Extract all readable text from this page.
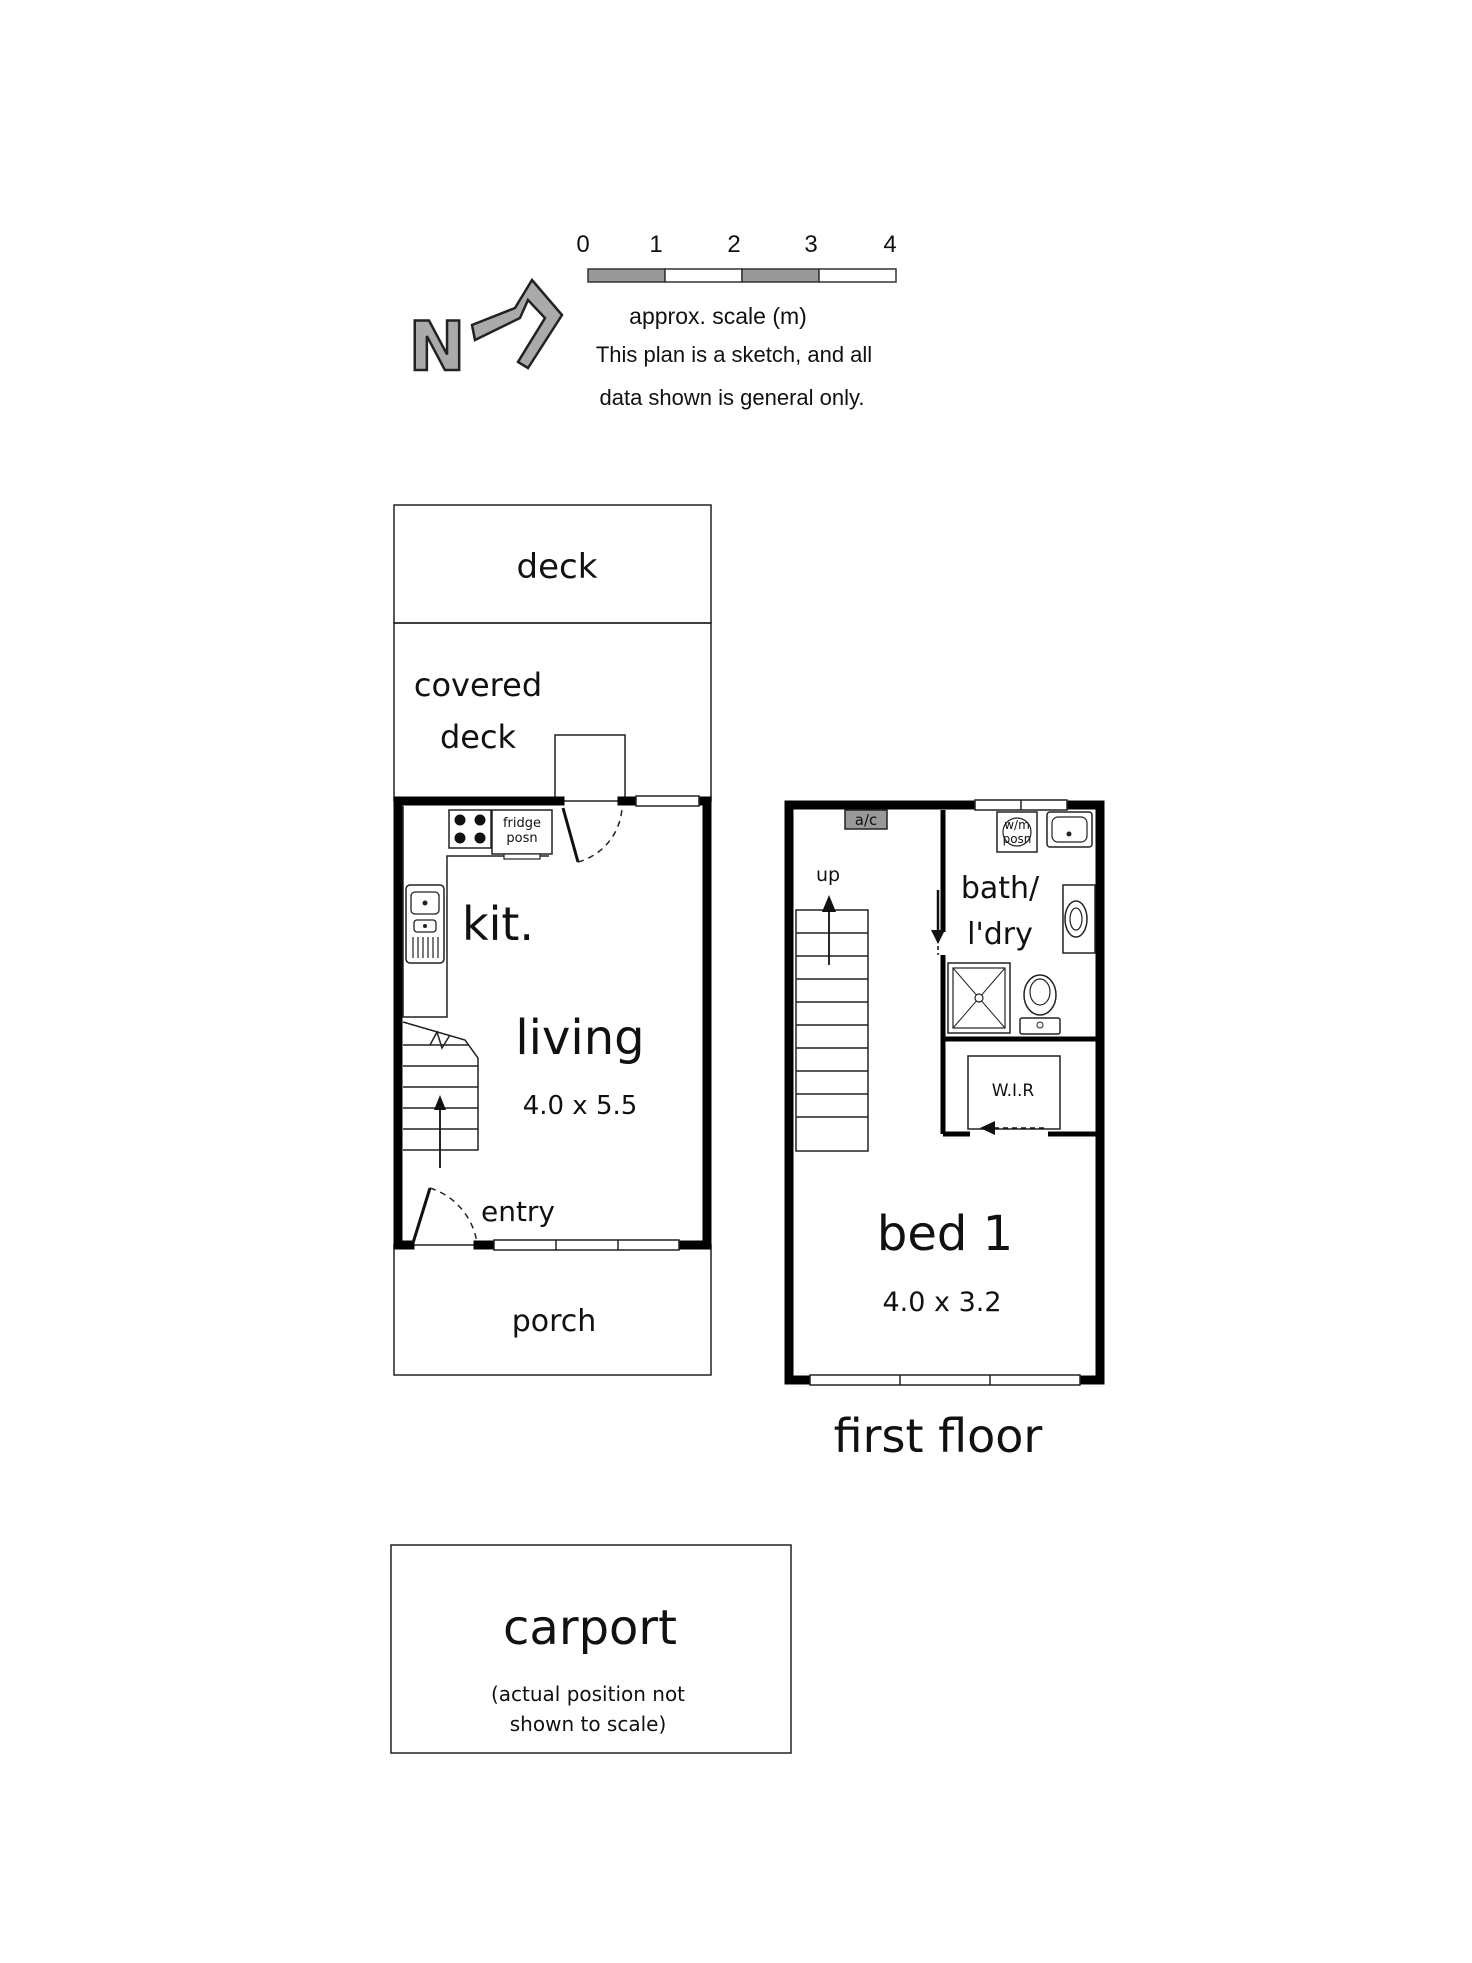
0 1	2	3	4
approx. scale (m)
This plan is a sketch, and all
data shown is general only.
N
fridge
posn
deck
covered
deck
kit.
living
4.0 x 5.5
entry
porch
a/c
up
w/m
posn
W.I.R
bath/
l'dry
bed 1
4.0 x 3.2
first floor
carport
(actual position not
shown to scale)
